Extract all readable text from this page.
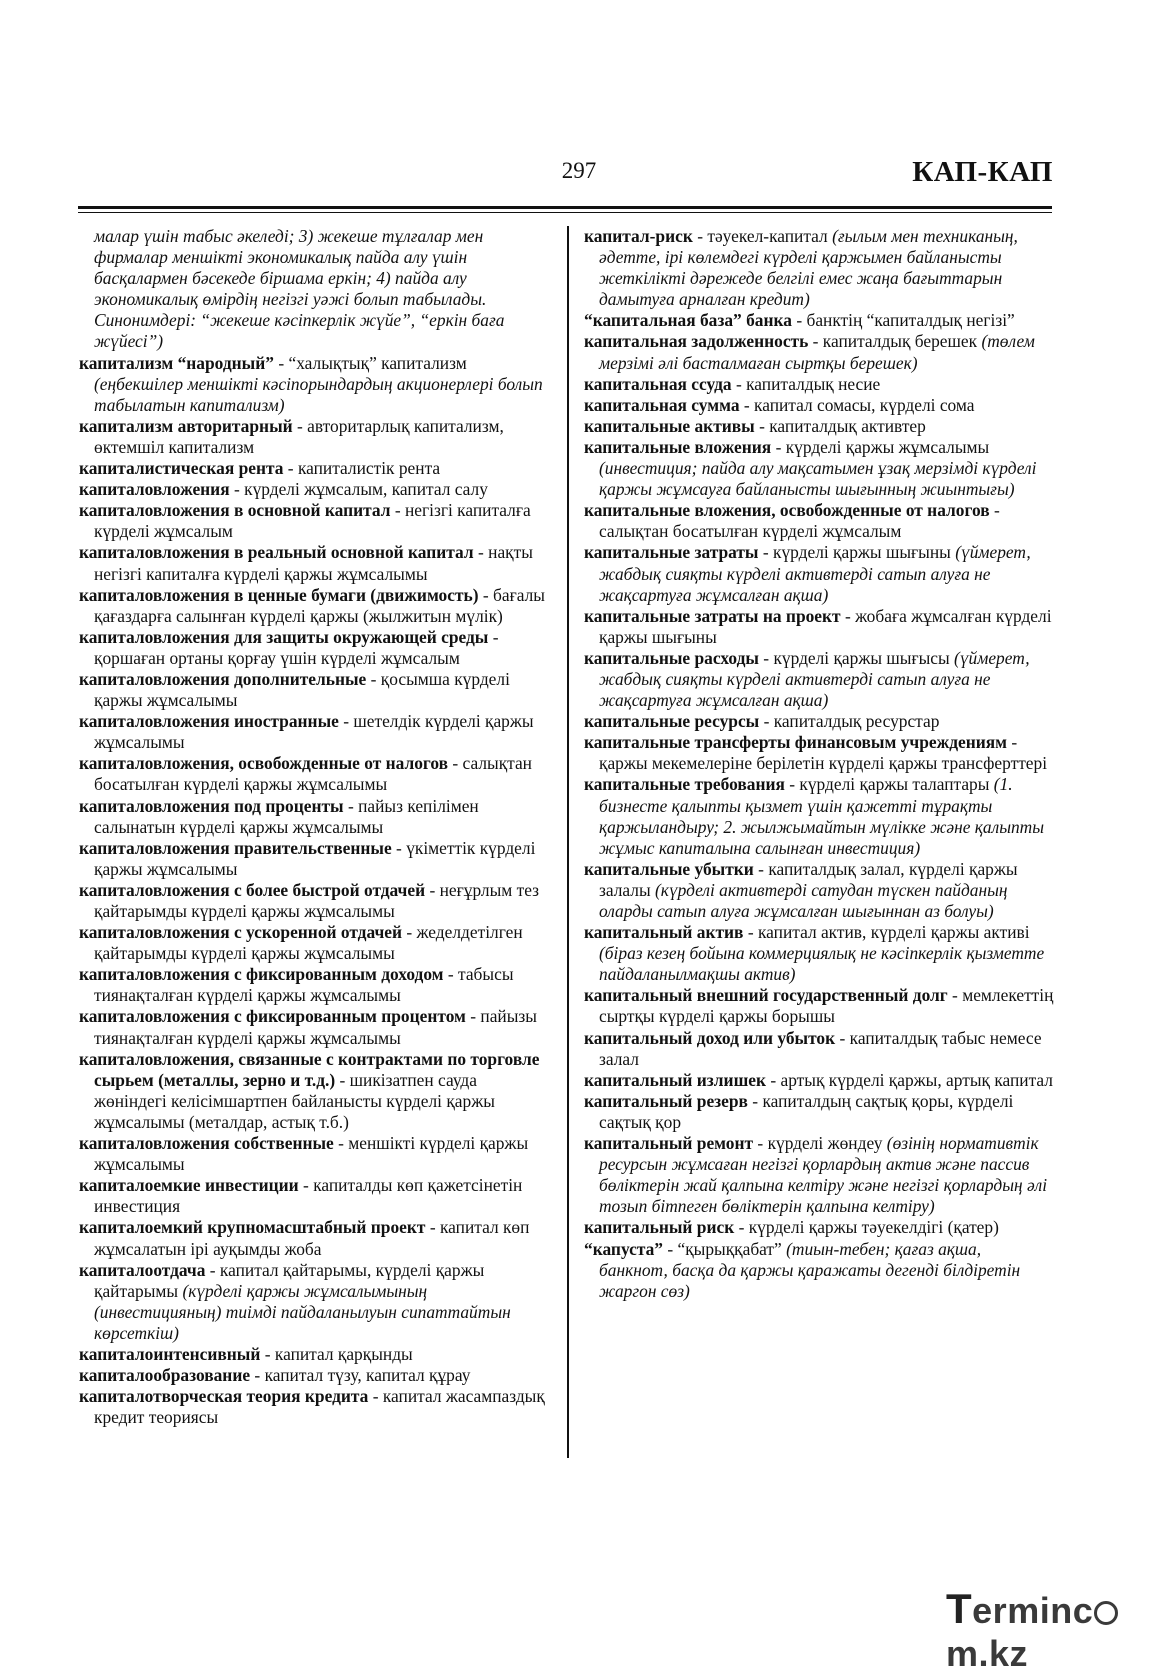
297	КАП-КАП

малар үшін табыс әкеледі; 3) жекеше тұлғалар мен фирмалар меншікті экономикалық пайда алу үшін басқалармен бәсекеде біршама еркін; 4) пайда алу экономикалық өмірдің негізгі уәжі болып табылады. Синонимдері: “жекеше кәсіпкерлік жүйе”, “еркін баға жүйесі”)

капитализм “народный” - “халықтық” капитализм (еңбекшілер меншікті кәсіпорындардың акционерлері болып табылатын капитализм)

капитализм авторитарный - авторитарлық капитализм, өктемшіл капитализм

капиталистическая рента - капиталистік рента

капиталовложения - күрделі жұмсалым, капитал салу

капиталовложения в основной капитал - негізгі капиталға күрделі жұмсалым

капиталовложения в реальный основной капитал - нақты негізгі капиталға күрделі қаржы жұмсалымы

капиталовложения в ценные бумаги (движимость) - бағалы қағаздарға салынған күрделі қаржы (жылжитын мүлік)

капиталовложения для защиты окружающей среды - қоршаған ортаны қорғау үшін күрделі жұмсалым

капиталовложения дополнительные - қосымша күрделі қаржы жұмсалымы

капиталовложения иностранные - шетелдік күрделі қаржы жұмсалымы

капиталовложения, освобожденные от налогов - салықтан босатылған күрделі қаржы жұмсалымы

капиталовложения под проценты - пайыз кепілімен салынатын күрделі қаржы жұмсалымы

капиталовложения правительственные - үкіметтік күрделі қаржы жұмсалымы

капиталовложения с более быстрой отдачей - неғұрлым тез қайтарымды күрделі қаржы жұмсалымы

капиталовложения с ускоренной отдачей - жеделдетілген қайтарымды күрделі қаржы жұмсалымы

капиталовложения с фиксированным доходом - табысы тиянақталған күрделі қаржы жұмсалымы

капиталовложения с фиксированным процентом - пайызы тиянақталған күрделі қаржы жұмсалымы

капиталовложения, связанные с контрактами по торговле сырьем (металлы, зерно и т.д.) - шикізатпен сауда жөніндегі келісімшартпен байланысты күрделі қаржы жұмсалымы (металдар, астық т.б.)

капиталовложения собственные - меншікті күрделі қаржы жұмсалымы

капиталоемкие инвестиции - капиталды көп қажетсінетін инвестиция

капиталоемкий крупномасштабный проект - капитал көп жұмсалатын ірі ауқымды жоба

капиталоотдача - капитал қайтарымы, күрделі қаржы қайтарымы (күрделі қаржы жұмсалымының (инвестицияның) тиімді пайдаланылуын сипаттайтын көрсеткіш)

капиталоинтенсивный - капитал қарқынды

капиталообразование - капитал түзу, капитал құрау

капиталотворческая теория кредита - капитал жасампаздық кредит теориясы

капитал-риск - тәуекел-капитал (ғылым мен техниканың, әдетте, ірі көлемдегі күрделі қаржымен байланысты жеткілікті дәрежеде белгілі емес жаңа бағыттарын дамытуға арналған кредит)

“капитальная база” банка - банктің “капиталдық негізі”

капитальная задолженность - капиталдық берешек (төлем мерзімі әлі басталмаған сыртқы берешек)

капитальная ссуда - капиталдық несие

капитальная сумма - капитал сомасы, күрделі сома

капитальные активы - капиталдық активтер

капитальные вложения - күрделі қаржы жұмсалымы (инвестиция; пайда алу мақсатымен ұзақ мерзімді күрделі қаржы жұмсауға байланысты шығынның жиынтығы)

капитальные вложения, освобожденные от налогов - салықтан босатылған күрделі жұмсалым

капитальные затраты - күрделі қаржы шығыны (үймерет, жабдық сияқты күрделі активтерді сатып алуға не жақсартуға жұмсалған ақша)

капитальные затраты на проект - жобаға жұмсалған күрделі қаржы шығыны

капитальные расходы - күрделі қаржы шығысы (үймерет, жабдық сияқты күрделі активтерді сатып алуға не жақсартуға жұмсалған ақша)

капитальные ресурсы - капиталдық ресурстар

капитальные трансферты финансовым учреждениям - қаржы мекемелеріне берілетін күрделі қаржы трансферттері

капитальные требования - күрделі қаржы талаптары (1. бизнесте қалыпты қызмет үшін қажетті тұрақты қаржыландыру; 2. жылжымайтын мүлікке және қалыпты жұмыс капиталына салынған инвестиция)

капитальные убытки - капиталдық залал, күрделі қаржы залалы (күрделі активтерді сатудан түскен пайданың оларды сатып алуға жұмсалған шығыннан аз болуы)

капитальный актив - капитал актив, күрделі қаржы активі (біраз кезең бойына коммерциялық не кәсіпкерлік қызметте пайдаланылмақшы актив)

капитальный внешний государственный долг - мемлекеттің сыртқы күрделі қаржы борышы

капитальный доход или убыток - капиталдық табыс немесе залал

капитальный излишек - артық күрделі қаржы, артық капитал

капитальный резерв - капиталдың сақтық қоры, күрделі сақтық қор

капитальный ремонт - күрделі жөндеу (өзінің нормативтік ресурсын жұмсаған негізгі қорлардың актив және пассив бөліктерін жай қалпына келтіру және негізгі қорлардың әлі тозып бітпеген бөліктерін қалпына келтіру)

капитальный риск - күрделі қаржы тәуекелдігі (қатер)

“капуста” - “қырыққабат” (тиын-тебен; қағаз ақша, банкнот, басқа да қаржы қаражаты дегенді білдіретін жаргон сөз)

Termincm.kz
